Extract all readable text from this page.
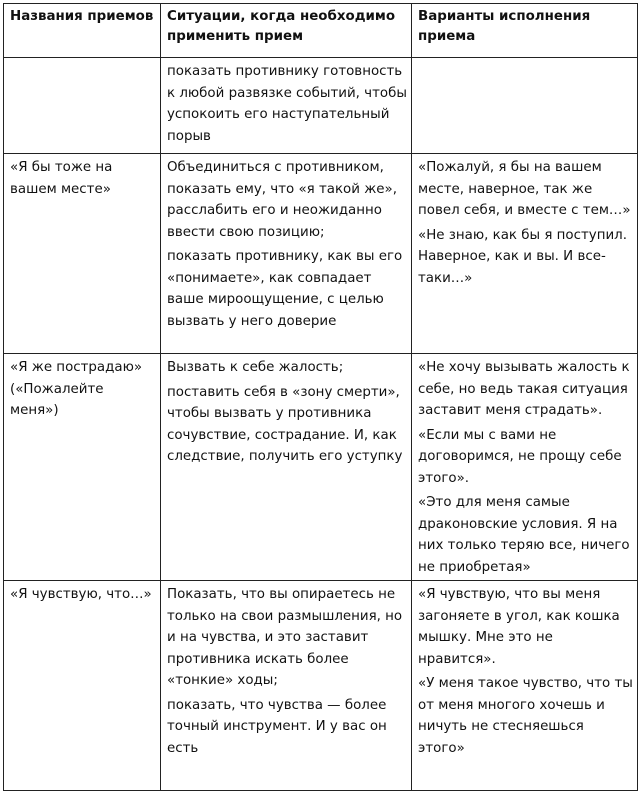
Названия приемов	Ситуации, когда необходимо применить прием	Варианты исполнения приема

	показать противнику готовность к любой развязке событий, чтобы успокоить его наступательный порыв	

«Я бы тоже на вашем месте»	Объединиться с противником, показать ему, что «я такой же», расслабить его и неожиданно ввести свою позицию;
показать противнику, как вы его «понимаете», как совпадает ваше мироощущение, с целью вызвать у него доверие	«Пожалуй, я бы на вашем месте, наверное, так же повел себя, и вместе с тем…»
«Не знаю, как бы я поступил. Наверное, как и вы. И все-таки…»

«Я же пострадаю» («Пожалейте меня»)	Вызвать к себе жалость;
поставить себя в «зону смерти», чтобы вызвать у противника сочувствие, сострадание. И, как следствие, получить его уступку	«Не хочу вызывать жалость к себе, но ведь такая ситуация заставит меня страдать».
«Если мы с вами не договоримся, не прощу себе этого».
«Это для меня самые драконовские условия. Я на них только теряю все, ничего не приобретая»

«Я чувствую, что…»	Показать, что вы опираетесь не только на свои размышления, но и на чувства, и это заставит противника искать более «тонкие» ходы;
показать, что чувства — более точный инструмент. И у вас он есть	«Я чувствую, что вы меня загоняете в угол, как кошка мышку. Мне это не нравится».
«У меня такое чувство, что ты от меня многого хочешь и ничуть не стесняешься этого»
